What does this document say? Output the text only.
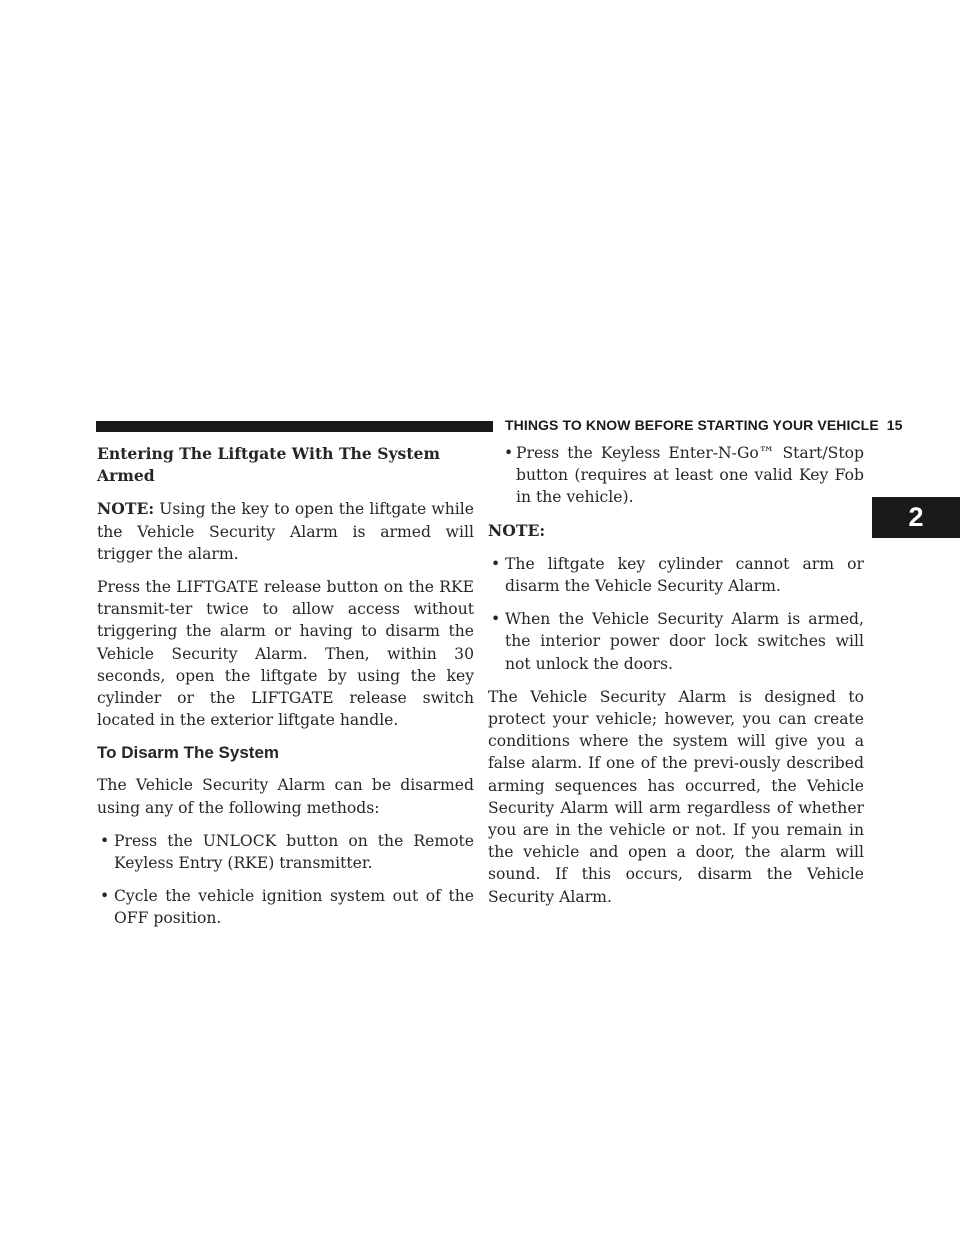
THINGS TO KNOW BEFORE STARTING YOUR VEHICLE 15
2
Entering The Liftgate With The System Armed

NOTE: Using the key to open the liftgate while the Vehicle Security Alarm is armed will trigger the alarm.

Press the LIFTGATE release button on the RKE transmit-ter twice to allow access without triggering the alarm or having to disarm the Vehicle Security Alarm. Then, within 30 seconds, open the liftgate by using the key cylinder or the LIFTGATE release switch located in the exterior liftgate handle.

To Disarm The System

The Vehicle Security Alarm can be disarmed using any of the following methods:

• Press the UNLOCK button on the Remote Keyless Entry (RKE) transmitter.
• Cycle the vehicle ignition system out of the OFF position.
• Press the Keyless Enter-N-Go™ Start/Stop button (requires at least one valid Key Fob in the vehicle).
NOTE:
• The liftgate key cylinder cannot arm or disarm the Vehicle Security Alarm.
• When the Vehicle Security Alarm is armed, the interior power door lock switches will not unlock the doors.

The Vehicle Security Alarm is designed to protect your vehicle; however, you can create conditions where the system will give you a false alarm. If one of the previ-ously described arming sequences has occurred, the Vehicle Security Alarm will arm regardless of whether you are in the vehicle or not. If you remain in the vehicle and open a door, the alarm will sound. If this occurs, disarm the Vehicle Security Alarm.
